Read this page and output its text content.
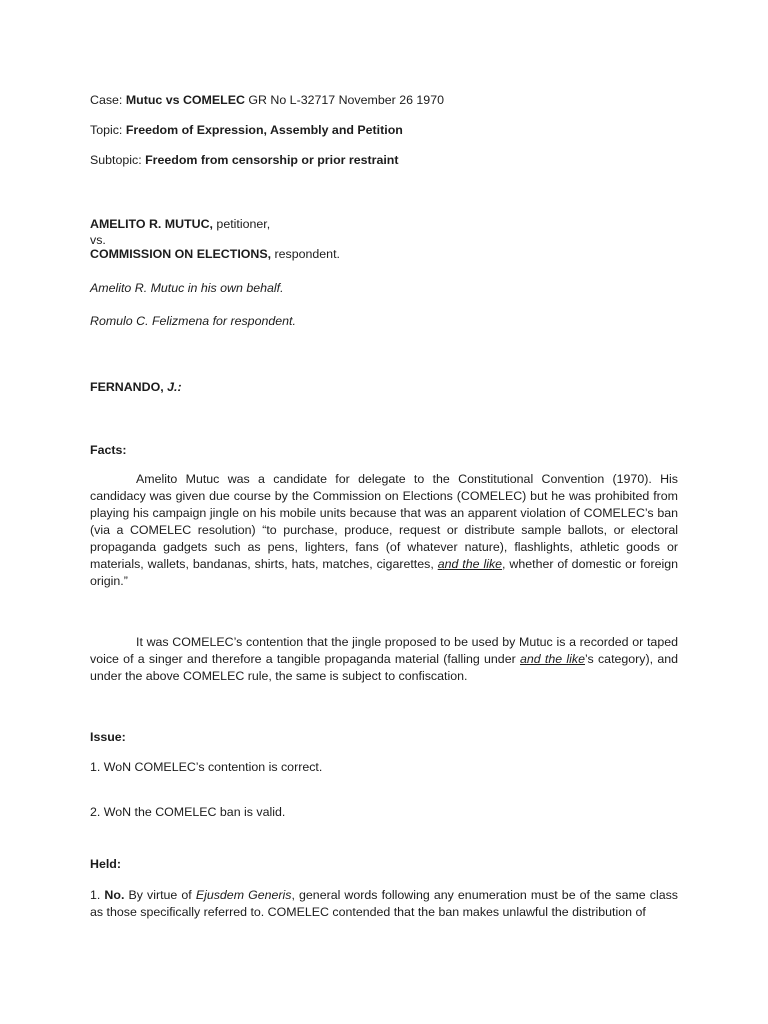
Case: Mutuc vs COMELEC GR No L-32717 November 26 1970

Topic: Freedom of Expression, Assembly and Petition

Subtopic: Freedom from censorship or prior restraint

AMELITO R. MUTUC, petitioner,

vs.

COMMISSION ON ELECTIONS, respondent.

Amelito R. Mutuc in his own behalf.

Romulo C. Felizmena for respondent.

FERNANDO, J.:

Facts:

Amelito Mutuc was a candidate for delegate to the Constitutional Convention (1970). His candidacy was given due course by the Commission on Elections (COMELEC) but he was prohibited from playing his campaign jingle on his mobile units because that was an apparent violation of COMELEC’s ban (via a COMELEC resolution) “to purchase, produce, request or distribute sample ballots, or electoral propaganda gadgets such as pens, lighters, fans (of whatever nature), flashlights, athletic goods or materials, wallets, bandanas, shirts, hats, matches, cigarettes, and the like, whether of domestic or foreign origin.”

It was COMELEC’s contention that the jingle proposed to be used by Mutuc is a recorded or taped voice of a singer and therefore a tangible propaganda material (falling under and the like’s category), and under the above COMELEC rule, the same is subject to confiscation.

Issue:

1. WoN COMELEC’s contention is correct.

2. WoN the COMELEC ban is valid.

Held:

1. No. By virtue of Ejusdem Generis, general words following any enumeration must be of the same class as those specifically referred to. COMELEC contended that the ban makes unlawful the distribution of
